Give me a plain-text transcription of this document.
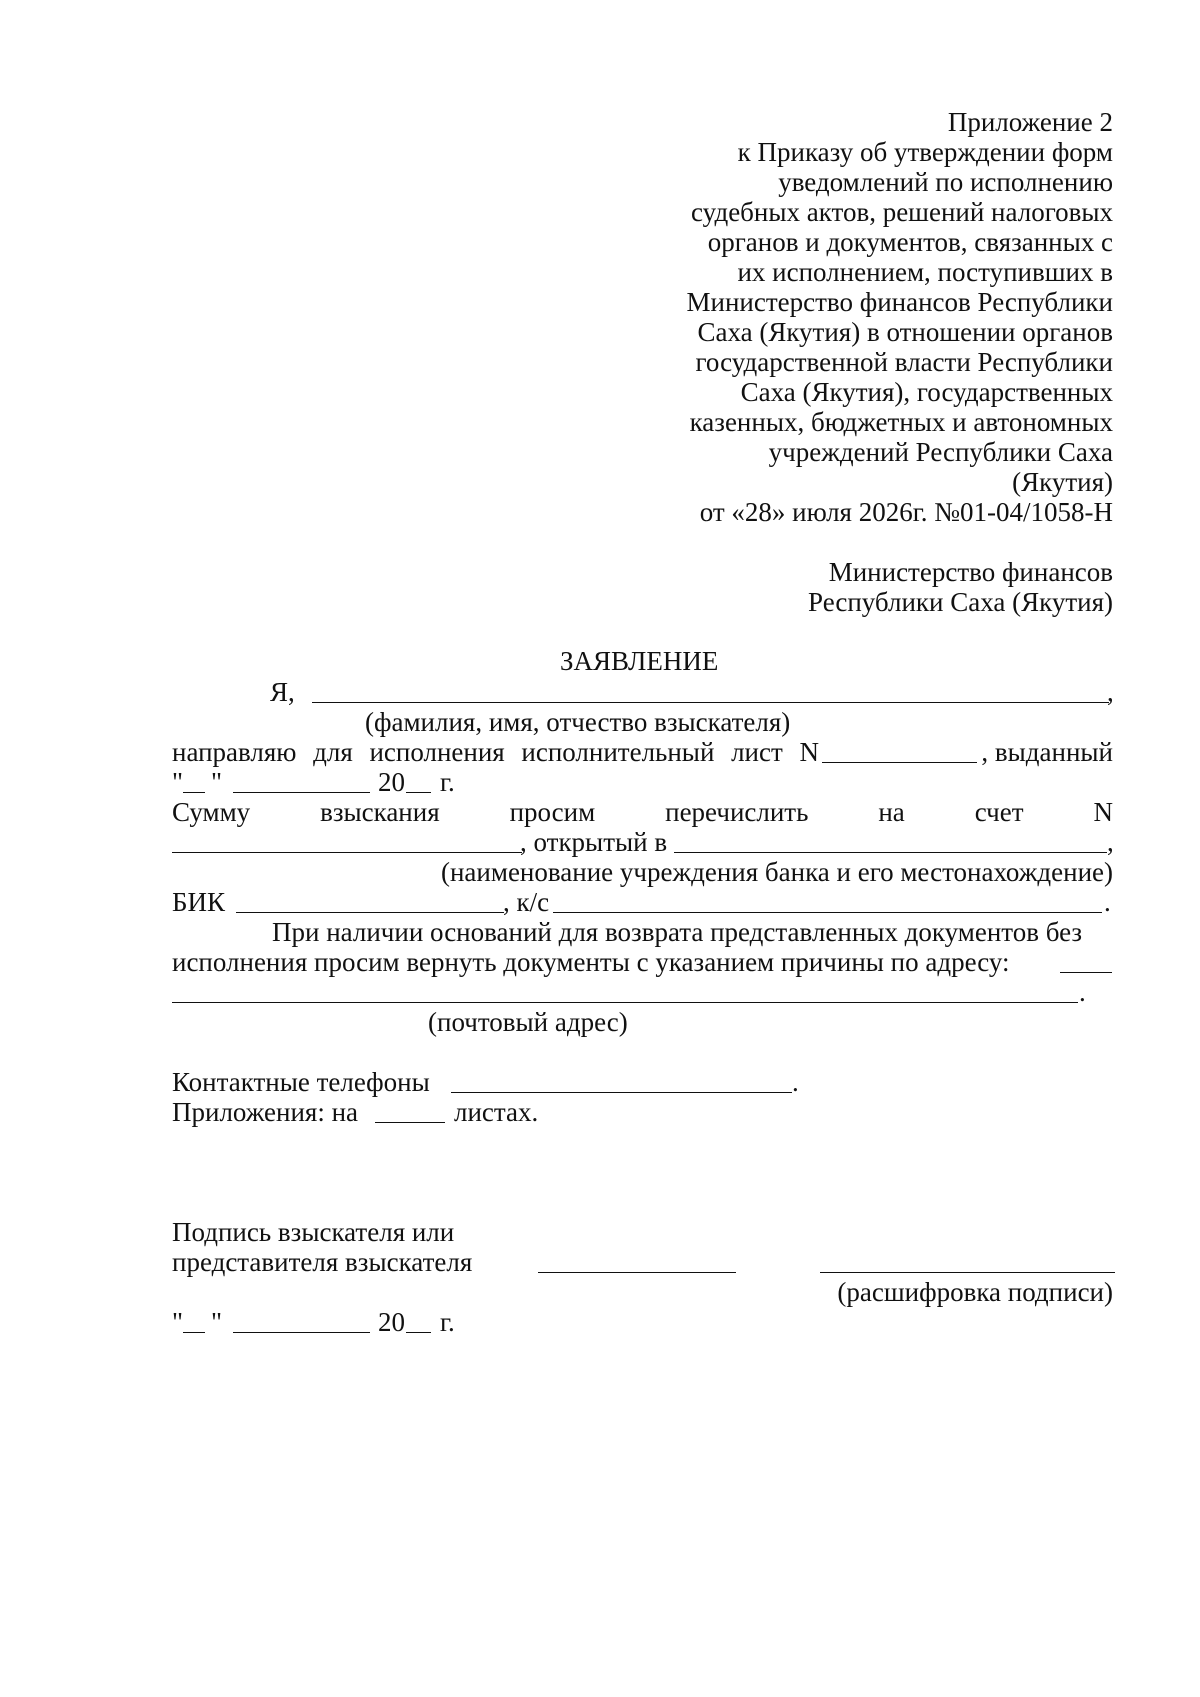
Приложение 2

к Приказу об утверждении форм

уведомлений по исполнению

судебных актов, решений налоговых

органов и документов, связанных с

их исполнением, поступивших в

Министерство финансов Республики

Саха (Якутия) в отношении органов

государственной власти Республики

Саха (Якутия), государственных

казенных, бюджетных и автономных

учреждений Республики Саха

(Якутия)

от «28» июля 2026г. №01-04/1058-Н

Министерство финансов

Республики Саха (Якутия)

ЗАЯВЛЕНИЕ

Я,	,

(фамилия, имя, отчество взыскателя)

направляю для исполнения исполнительный лист N	, выданный

" "	20 г.

Сумму	взыскания	просим	перечислить	на	счет	N

, открытый в	,

(наименование учреждения банка и его местонахождение)

БИК	, к/с	.

При наличии оснований для возврата представленных документов без

исполнения просим вернуть документы с указанием причины по адресу:

.

(почтовый адрес)

Контактные телефоны	.

Приложения: на	листах.

Подпись взыскателя или

представителя взыскателя

(расшифровка подписи)

" "	20 г.
